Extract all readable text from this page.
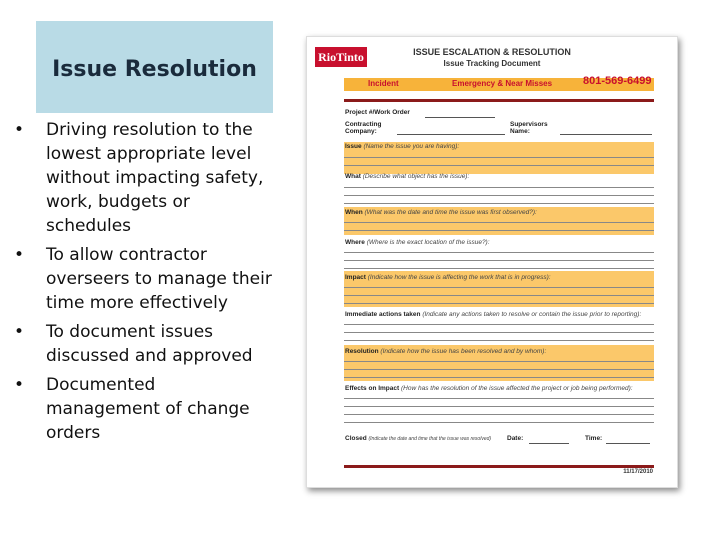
Issue Resolution
• Driving resolution to the lowest appropriate level without impacting safety, work, budgets or schedules
• To allow contractor overseers to manage their time more effectively
• To document issues discussed and approved
• Documented management of change orders
RioTinto	ISSUE ESCALATION & RESOLUTION
Issue Tracking Document
Incident	Emergency & Near Misses	801-569-6499
Project #/Work Order
Contracting Company:
Supervisors Name:
Issue (Name the issue you are having):
What (Describe what object has the issue):
When (What was the date and time the issue was first observed?):
Where (Where is the exact location of the issue?):
Impact (Indicate how the issue is affecting the work that is in progress):
Immediate actions taken (Indicate any actions taken to resolve or contain the issue prior to reporting):
Resolution (Indicate how the issue has been resolved and by whom):
Effects on Impact (How has the resolution of the issue affected the project or job being performed):
Closed (Indicate the date and time that the issue was resolved) Date:	Time:
11/17/2010
